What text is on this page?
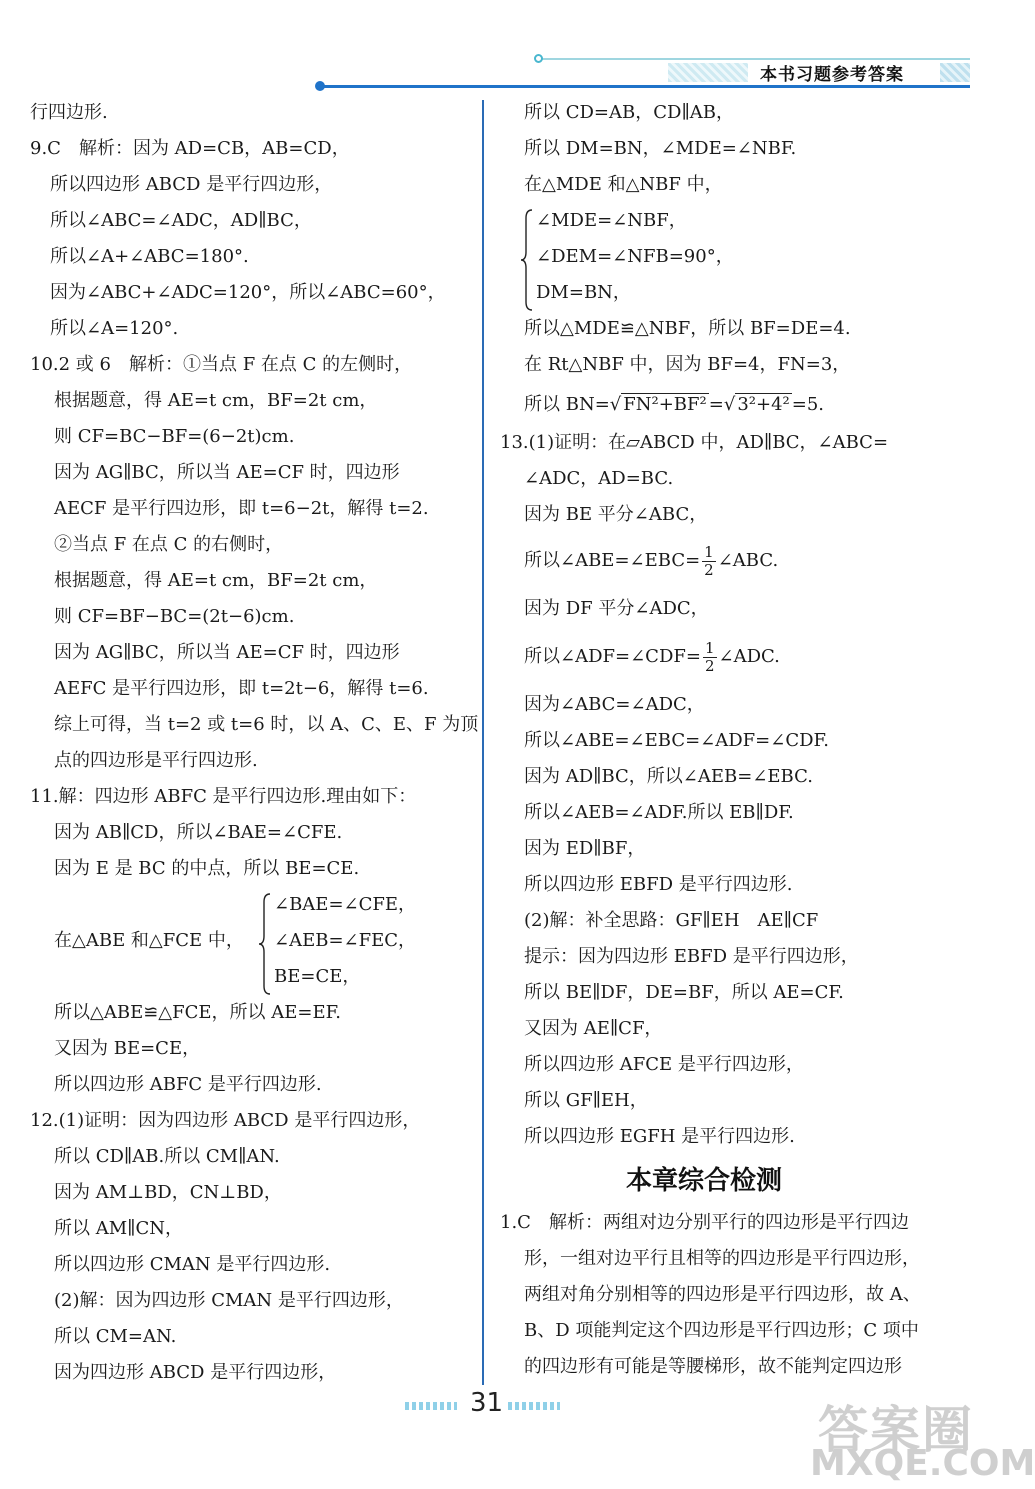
本书习题参考答案
在△ABE 和△FCE 中，
∠BAE=∠CFE，
∠AEB=∠FEC，
BE=CE，
行四边形.
9.C　解析：因为 AD=CB，AB=CD，
所以四边形 ABCD 是平行四边形，
所以∠ABC=∠ADC，AD∥BC，
所以∠A+∠ABC=180°.
因为∠ABC+∠ADC=120°，所以∠ABC=60°，
所以∠A=120°.
10.2 或 6　解析：①当点 F 在点 C 的左侧时，
根据题意，得 AE=t cm，BF=2t cm，
则 CF=BC−BF=(6−2t)cm.
因为 AG∥BC，所以当 AE=CF 时，四边形
AECF 是平行四边形，即 t=6−2t，解得 t=2.
②当点 F 在点 C 的右侧时，
根据题意，得 AE=t cm，BF=2t cm，
则 CF=BF−BC=(2t−6)cm.
因为 AG∥BC，所以当 AE=CF 时，四边形
AEFC 是平行四边形，即 t=2t−6，解得 t=6.
综上可得，当 t=2 或 t=6 时，以 A、C、E、F 为顶
点的四边形是平行四边形.
11.解：四边形 ABFC 是平行四边形.理由如下：
因为 AB∥CD，所以∠BAE=∠CFE.
因为 E 是 BC 的中点，所以 BE=CE.
所以△ABE≌△FCE，所以 AE=EF.
又因为 BE=CE，
所以四边形 ABFC 是平行四边形.
12.(1)证明：因为四边形 ABCD 是平行四边形，
所以 CD∥AB.所以 CM∥AN.
因为 AM⊥BD，CN⊥BD，
所以 AM∥CN，
所以四边形 CMAN 是平行四边形.
(2)解：因为四边形 CMAN 是平行四边形，
所以 CM=AN.
因为四边形 ABCD 是平行四边形，
∠MDE=∠NBF，
∠DEM=∠NFB=90°，
DM=BN，
所以 BN=√ FN²+BF² =√ 3²+4² =5.
所以∠ABE=∠EBC= $\frac{1}{2}$ ∠ABC.
所以∠ADF=∠CDF= $\frac{1}{2}$ ∠ADC.
所以 CD=AB，CD∥AB，
所以 DM=BN，∠MDE=∠NBF.
在△MDE 和△NBF 中，
所以△MDE≌△NBF，所以 BF=DE=4.
在 Rt△NBF 中，因为 BF=4，FN=3，
13.(1)证明：在▱ABCD 中，AD∥BC，∠ABC=
∠ADC，AD=BC.
因为 BE 平分∠ABC，
因为 DF 平分∠ADC，
因为∠ABC=∠ADC，
所以∠ABE=∠EBC=∠ADF=∠CDF.
因为 AD∥BC，所以∠AEB=∠EBC.
所以∠AEB=∠ADF.所以 EB∥DF.
因为 ED∥BF，
所以四边形 EBFD 是平行四边形.
(2)解：补全思路：GF∥EH　AE∥CF
提示：因为四边形 EBFD 是平行四边形，
所以 BE∥DF，DE=BF，所以 AE=CF.
又因为 AE∥CF，
所以四边形 AFCE 是平行四边形，
所以 GF∥EH，
所以四边形 EGFH 是平行四边形.
1.C　解析：两组对边分别平行的四边形是平行四边
形，一组对边平行且相等的四边形是平行四边形，
两组对角分别相等的四边形是平行四边形，故 A、
B、D 项能判定这个四边形是平行四边形；C 项中
的四边形有可能是等腰梯形，故不能判定四边形
本章综合检测
31	答案圈
MXQE.COM
